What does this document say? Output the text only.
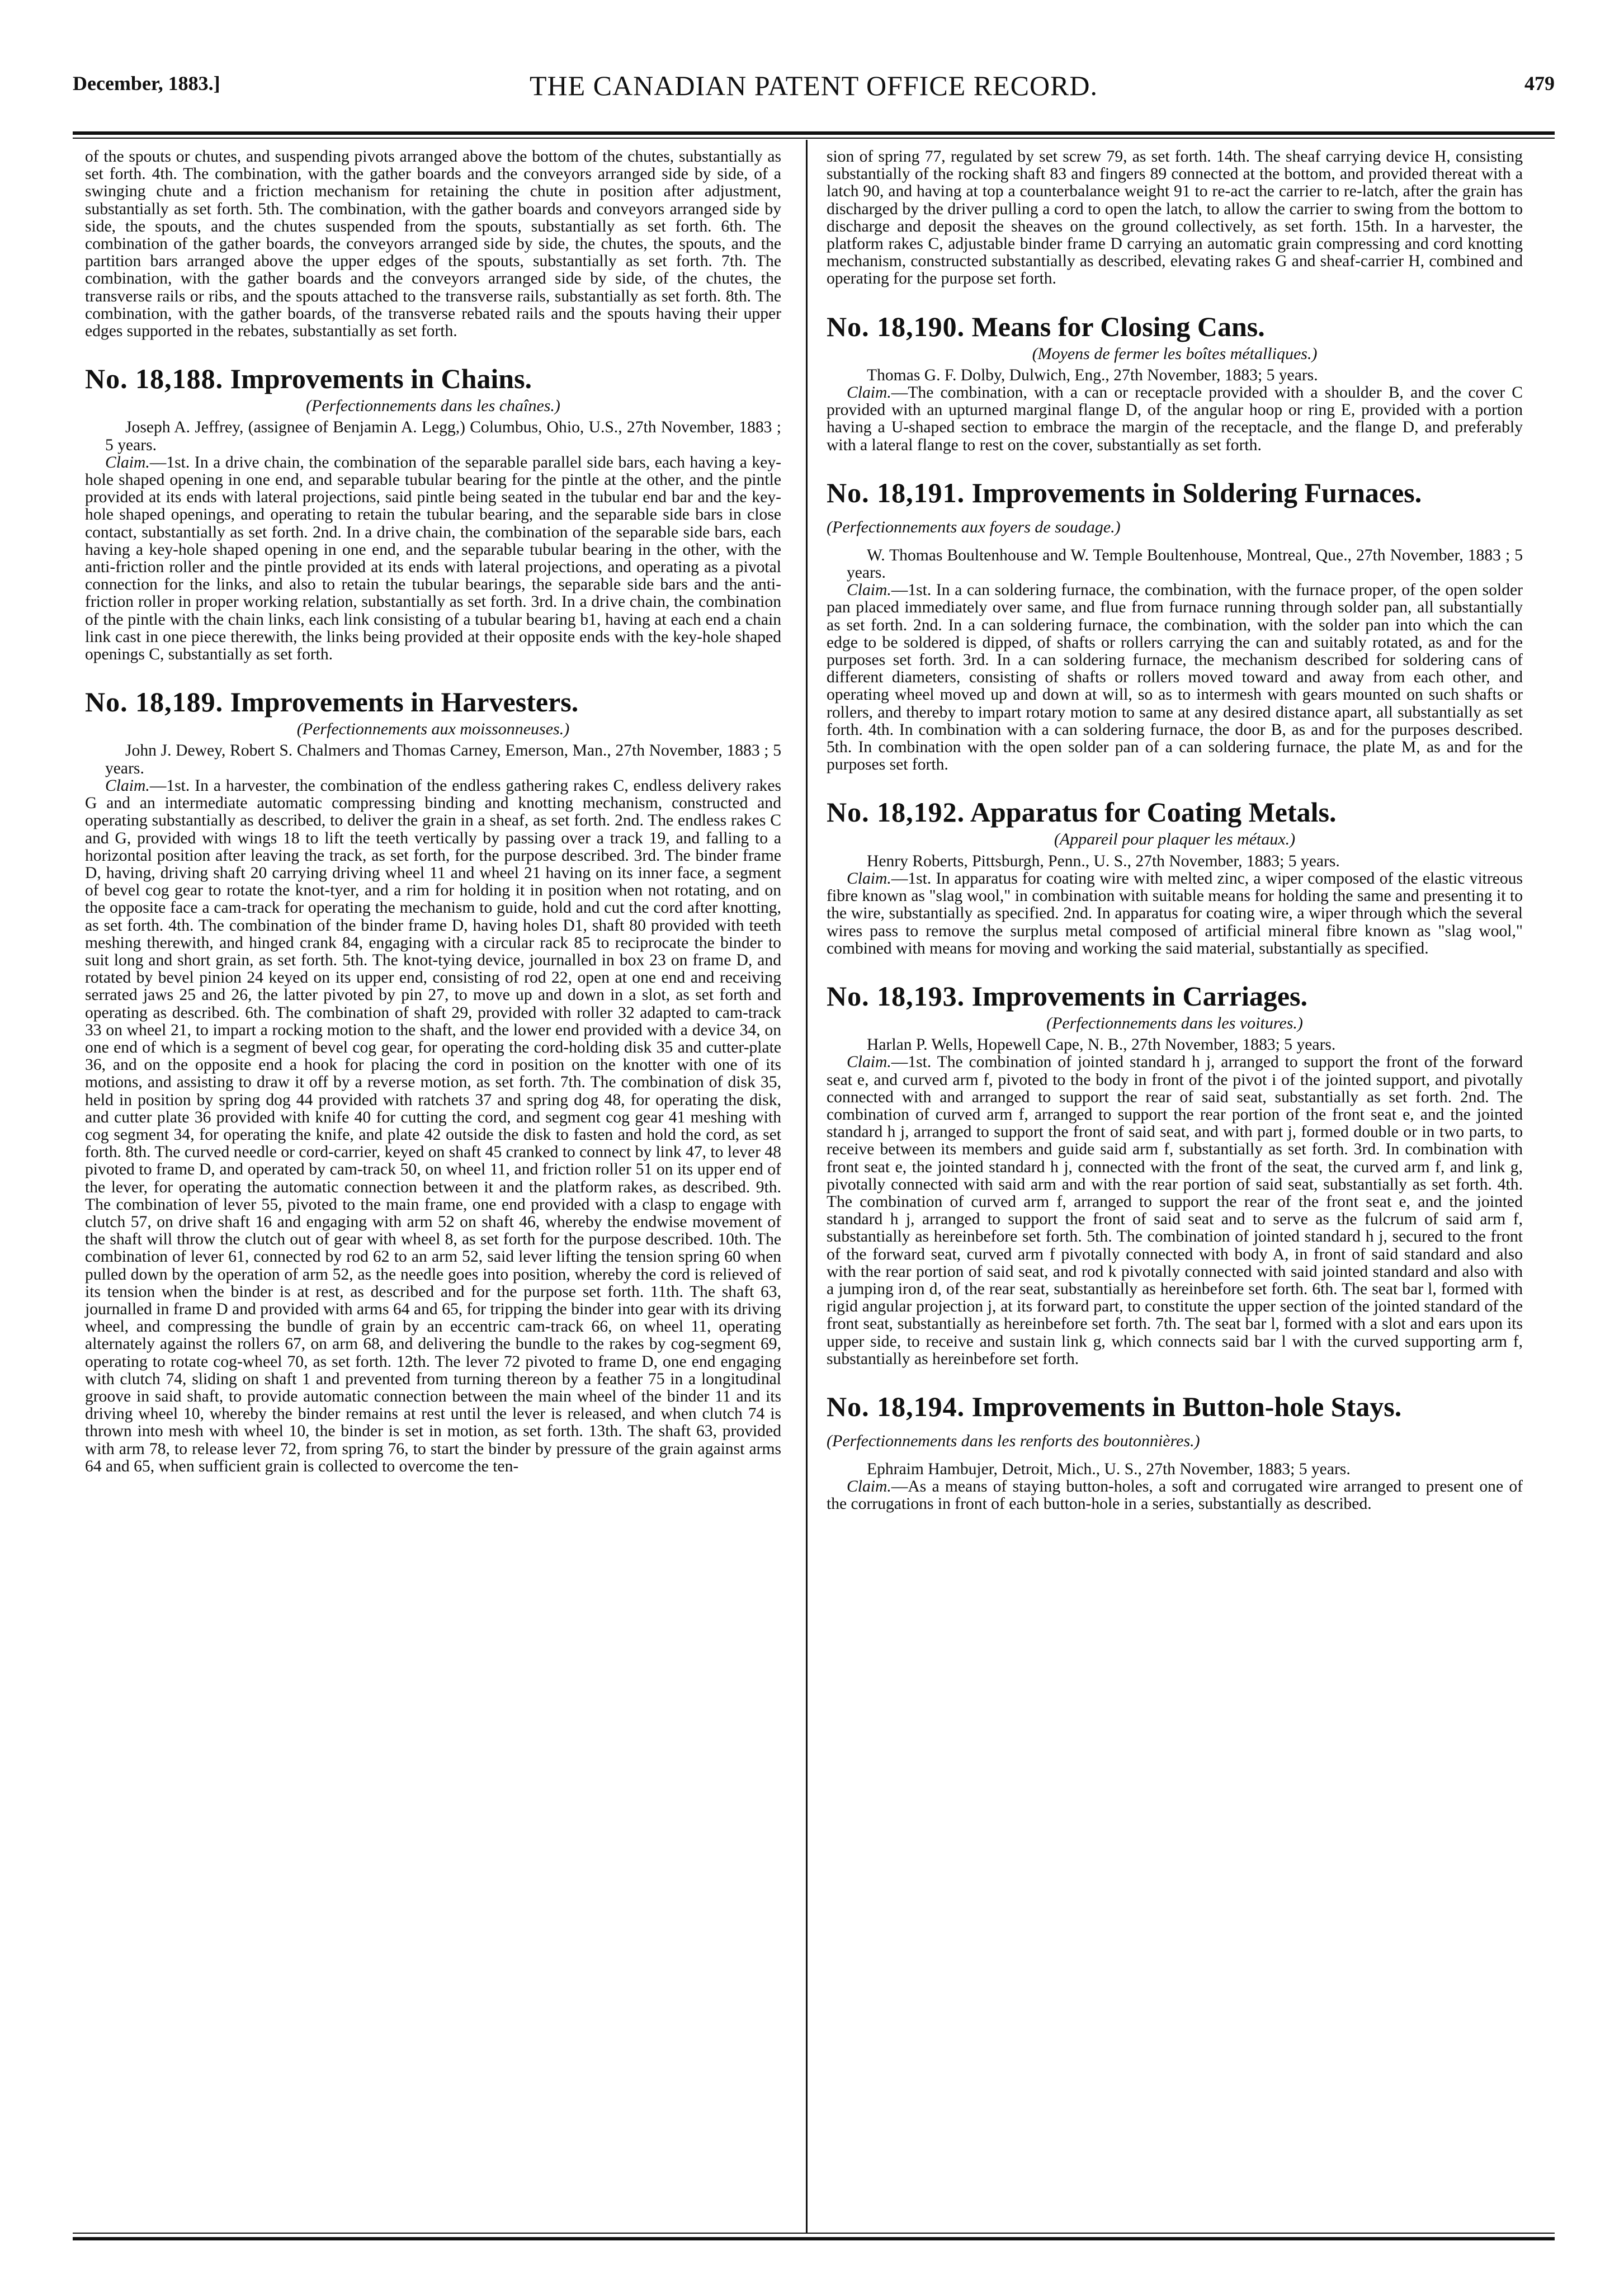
December, 1883.]	THE CANADIAN PATENT OFFICE RECORD.	479

of the spouts or chutes, and suspending pivots arranged above the bottom of the chutes, substantially as set forth. 4th. The combination, with the gather boards and the conveyors arranged side by side, of a swinging chute and a friction mechanism for retaining the chute in position after adjustment, substantially as set forth. 5th. The combination, with the gather boards and conveyors arranged side by side, the spouts, and the chutes suspended from the spouts, substantially as set forth. 6th. The combination of the gather boards, the conveyors arranged side by side, the chutes, the spouts, and the partition bars arranged above the upper edges of the spouts, substantially as set forth. 7th. The combination, with the gather boards and the conveyors arranged side by side, of the chutes, the transverse rails or ribs, and the spouts attached to the transverse rails, substantially as set forth. 8th. The combination, with the gather boards, of the transverse rebated rails and the spouts having their upper edges supported in the rebates, substantially as set forth.

No. 18,188. Improvements in Chains.
(Perfectionnements dans les chaînes.)

Joseph A. Jeffrey, (assignee of Benjamin A. Legg,) Columbus, Ohio, U.S., 27th November, 1883 ; 5 years.

Claim.—1st. In a drive chain, the combination of the separable parallel side bars, each having a key-hole shaped opening in one end, and separable tubular bearing for the pintle at the other, and the pintle provided at its ends with lateral projections, said pintle being seated in the tubular end bar and the key-hole shaped openings, and operating to retain the tubular bearing, and the separable side bars in close contact, substantially as set forth. 2nd. In a drive chain, the combination of the separable side bars, each having a key-hole shaped opening in one end, and the separable tubular bearing in the other, with the anti-friction roller and the pintle provided at its ends with lateral projections, and operating as a pivotal connection for the links, and also to retain the tubular bearings, the separable side bars and the anti-friction roller in proper working relation, substantially as set forth. 3rd. In a drive chain, the combination of the pintle with the chain links, each link consisting of a tubular bearing b1, having at each end a chain link cast in one piece therewith, the links being provided at their opposite ends with the key-hole shaped openings C, substantially as set forth.

No. 18,189. Improvements in Harvesters.
(Perfectionnements aux moissonneuses.)

John J. Dewey, Robert S. Chalmers and Thomas Carney, Emerson, Man., 27th November, 1883 ; 5 years.

Claim.—1st. In a harvester, the combination of the endless gathering rakes C, endless delivery rakes G and an intermediate automatic compressing binding and knotting mechanism, constructed and operating substantially as described, to deliver the grain in a sheaf, as set forth. 2nd. The endless rakes C and G, provided with wings 18 to lift the teeth vertically by passing over a track 19, and falling to a horizontal position after leaving the track, as set forth, for the purpose described. 3rd. The binder frame D, having, driving shaft 20 carrying driving wheel 11 and wheel 21 having on its inner face, a segment of bevel cog gear to rotate the knot-tyer, and a rim for holding it in position when not rotating, and on the opposite face a cam-track for operating the mechanism to guide, hold and cut the cord after knotting, as set forth. 4th. The combination of the binder frame D, having holes D1, shaft 80 provided with teeth meshing therewith, and hinged crank 84, engaging with a circular rack 85 to reciprocate the binder to suit long and short grain, as set forth. 5th. The knot-tying device, journalled in box 23 on frame D, and rotated by bevel pinion 24 keyed on its upper end, consisting of rod 22, open at one end and receiving serrated jaws 25 and 26, the latter pivoted by pin 27, to move up and down in a slot, as set forth and operating as described. 6th. The combination of shaft 29, provided with roller 32 adapted to cam-track 33 on wheel 21, to impart a rocking motion to the shaft, and the lower end provided with a device 34, on one end of which is a segment of bevel cog gear, for operating the cord-holding disk 35 and cutter-plate 36, and on the opposite end a hook for placing the cord in position on the knotter with one of its motions, and assisting to draw it off by a reverse motion, as set forth. 7th. The combination of disk 35, held in position by spring dog 44 provided with ratchets 37 and spring dog 48, for operating the disk, and cutter plate 36 provided with knife 40 for cutting the cord, and segment cog gear 41 meshing with cog segment 34, for operating the knife, and plate 42 outside the disk to fasten and hold the cord, as set forth. 8th. The curved needle or cord-carrier, keyed on shaft 45 cranked to connect by link 47, to lever 48 pivoted to frame D, and operated by cam-track 50, on wheel 11, and friction roller 51 on its upper end of the lever, for operating the automatic connection between it and the platform rakes, as described. 9th. The combination of lever 55, pivoted to the main frame, one end provided with a clasp to engage with clutch 57, on drive shaft 16 and engaging with arm 52 on shaft 46, whereby the endwise movement of the shaft will throw the clutch out of gear with wheel 8, as set forth for the purpose described. 10th. The combination of lever 61, connected by rod 62 to an arm 52, said lever lifting the tension spring 60 when pulled down by the operation of arm 52, as the needle goes into position, whereby the cord is relieved of its tension when the binder is at rest, as described and for the purpose set forth. 11th. The shaft 63, journalled in frame D and provided with arms 64 and 65, for tripping the binder into gear with its driving wheel, and compressing the bundle of grain by an eccentric cam-track 66, on wheel 11, operating alternately against the rollers 67, on arm 68, and delivering the bundle to the rakes by cog-segment 69, operating to rotate cog-wheel 70, as set forth. 12th. The lever 72 pivoted to frame D, one end engaging with clutch 74, sliding on shaft 1 and prevented from turning thereon by a feather 75 in a longitudinal groove in said shaft, to provide automatic connection between the main wheel of the binder 11 and its driving wheel 10, whereby the binder remains at rest until the lever is released, and when clutch 74 is thrown into mesh with wheel 10, the binder is set in motion, as set forth. 13th. The shaft 63, provided with arm 78, to release lever 72, from spring 76, to start the binder by pressure of the grain against arms 64 and 65, when sufficient grain is collected to overcome the ten-

sion of spring 77, regulated by set screw 79, as set forth. 14th. The sheaf carrying device H, consisting substantially of the rocking shaft 83 and fingers 89 connected at the bottom, and provided thereat with a latch 90, and having at top a counterbalance weight 91 to re-act the carrier to re-latch, after the grain has discharged by the driver pulling a cord to open the latch, to allow the carrier to swing from the bottom to discharge and deposit the sheaves on the ground collectively, as set forth. 15th. In a harvester, the platform rakes C, adjustable binder frame D carrying an automatic grain compressing and cord knotting mechanism, constructed substantially as described, elevating rakes G and sheaf-carrier H, combined and operating for the purpose set forth.

No. 18,190. Means for Closing Cans.
(Moyens de fermer les boîtes métalliques.)

Thomas G. F. Dolby, Dulwich, Eng., 27th November, 1883; 5 years.

Claim.—The combination, with a can or receptacle provided with a shoulder B, and the cover C provided with an upturned marginal flange D, of the angular hoop or ring E, provided with a portion having a U-shaped section to embrace the margin of the receptacle, and the flange D, and preferably with a lateral flange to rest on the cover, substantially as set forth.

No. 18,191. Improvements in Soldering Furnaces. (Perfectionnements aux foyers de soudage.)

W. Thomas Boultenhouse and W. Temple Boultenhouse, Montreal, Que., 27th November, 1883 ; 5 years.

Claim.—1st. In a can soldering furnace, the combination, with the furnace proper, of the open solder pan placed immediately over same, and flue from furnace running through solder pan, all substantially as set forth. 2nd. In a can soldering furnace, the combination, with the solder pan into which the can edge to be soldered is dipped, of shafts or rollers carrying the can and suitably rotated, as and for the purposes set forth. 3rd. In a can soldering furnace, the mechanism described for soldering cans of different diameters, consisting of shafts or rollers moved toward and away from each other, and operating wheel moved up and down at will, so as to intermesh with gears mounted on such shafts or rollers, and thereby to impart rotary motion to same at any desired distance apart, all substantially as set forth. 4th. In combination with a can soldering furnace, the door B, as and for the purposes described. 5th. In combination with the open solder pan of a can soldering furnace, the plate M, as and for the purposes set forth.

No. 18,192. Apparatus for Coating Metals.
(Appareil pour plaquer les métaux.)

Henry Roberts, Pittsburgh, Penn., U. S., 27th November, 1883; 5 years.

Claim.—1st. In apparatus for coating wire with melted zinc, a wiper composed of the elastic vitreous fibre known as "slag wool," in combination with suitable means for holding the same and presenting it to the wire, substantially as specified. 2nd. In apparatus for coating wire, a wiper through which the several wires pass to remove the surplus metal composed of artificial mineral fibre known as "slag wool," combined with means for moving and working the said material, substantially as specified.

No. 18,193. Improvements in Carriages.
(Perfectionnements dans les voitures.)

Harlan P. Wells, Hopewell Cape, N. B., 27th November, 1883; 5 years.

Claim.—1st. The combination of jointed standard h j, arranged to support the front of the forward seat e, and curved arm f, pivoted to the body in front of the pivot i of the jointed support, and pivotally connected with and arranged to support the rear of said seat, substantially as set forth. 2nd. The combination of curved arm f, arranged to support the rear portion of the front seat e, and the jointed standard h j, arranged to support the front of said seat, and with part j, formed double or in two parts, to receive between its members and guide said arm f, substantially as set forth. 3rd. In combination with front seat e, the jointed standard h j, connected with the front of the seat, the curved arm f, and link g, pivotally connected with said arm and with the rear portion of said seat, substantially as set forth. 4th. The combination of curved arm f, arranged to support the rear of the front seat e, and the jointed standard h j, arranged to support the front of said seat and to serve as the fulcrum of said arm f, substantially as hereinbefore set forth. 5th. The combination of jointed standard h j, secured to the front of the forward seat, curved arm f pivotally connected with body A, in front of said standard and also with the rear portion of said seat, and rod k pivotally connected with said jointed standard and also with a jumping iron d, of the rear seat, substantially as hereinbefore set forth. 6th. The seat bar l, formed with rigid angular projection j, at its forward part, to constitute the upper section of the jointed standard of the front seat, substantially as hereinbefore set forth. 7th. The seat bar l, formed with a slot and ears upon its upper side, to receive and sustain link g, which connects said bar l with the curved supporting arm f, substantially as hereinbefore set forth.

No. 18,194. Improvements in Button-hole Stays. (Perfectionnements dans les renforts des boutonnières.)

Ephraim Hambujer, Detroit, Mich., U. S., 27th November, 1883; 5 years.

Claim.—As a means of staying button-holes, a soft and corrugated wire arranged to present one of the corrugations in front of each button-hole in a series, substantially as described.
